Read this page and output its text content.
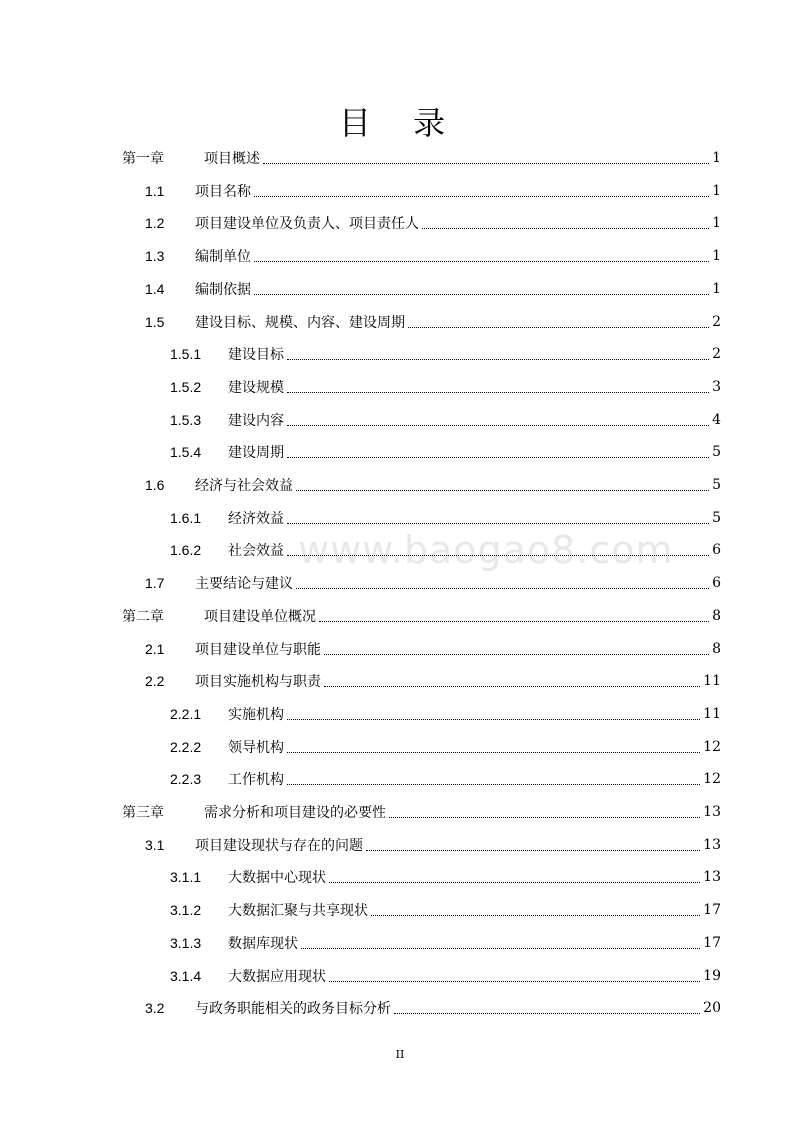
目 录
www.baogao8.com
第一章	项目概述	1
1.1 项目名称	1
1.2 项目建设单位及负责人、项目责任人	1
1.3 编制单位	1
1.4 编制依据	1
1.5 建设目标、规模、内容、建设周期	2
1.5.1 建设目标	2
1.5.2 建设规模	3
1.5.3 建设内容	4
1.5.4 建设周期	5
1.6 经济与社会效益	5
1.6.1 经济效益	5
1.6.2 社会效益	6
1.7 主要结论与建议	6
第二章	项目建设单位概况	8
2.1 项目建设单位与职能	8
2.2 项目实施机构与职责	11
2.2.1 实施机构	11
2.2.2 领导机构	12
2.2.3 工作机构	12
第三章	需求分析和项目建设的必要性	13
3.1 项目建设现状与存在的问题	13
3.1.1 大数据中心现状	13
3.1.2 大数据汇聚与共享现状	17
3.1.3 数据库现状	17
3.1.4 大数据应用现状	19
3.2 与政务职能相关的政务目标分析	20
II
